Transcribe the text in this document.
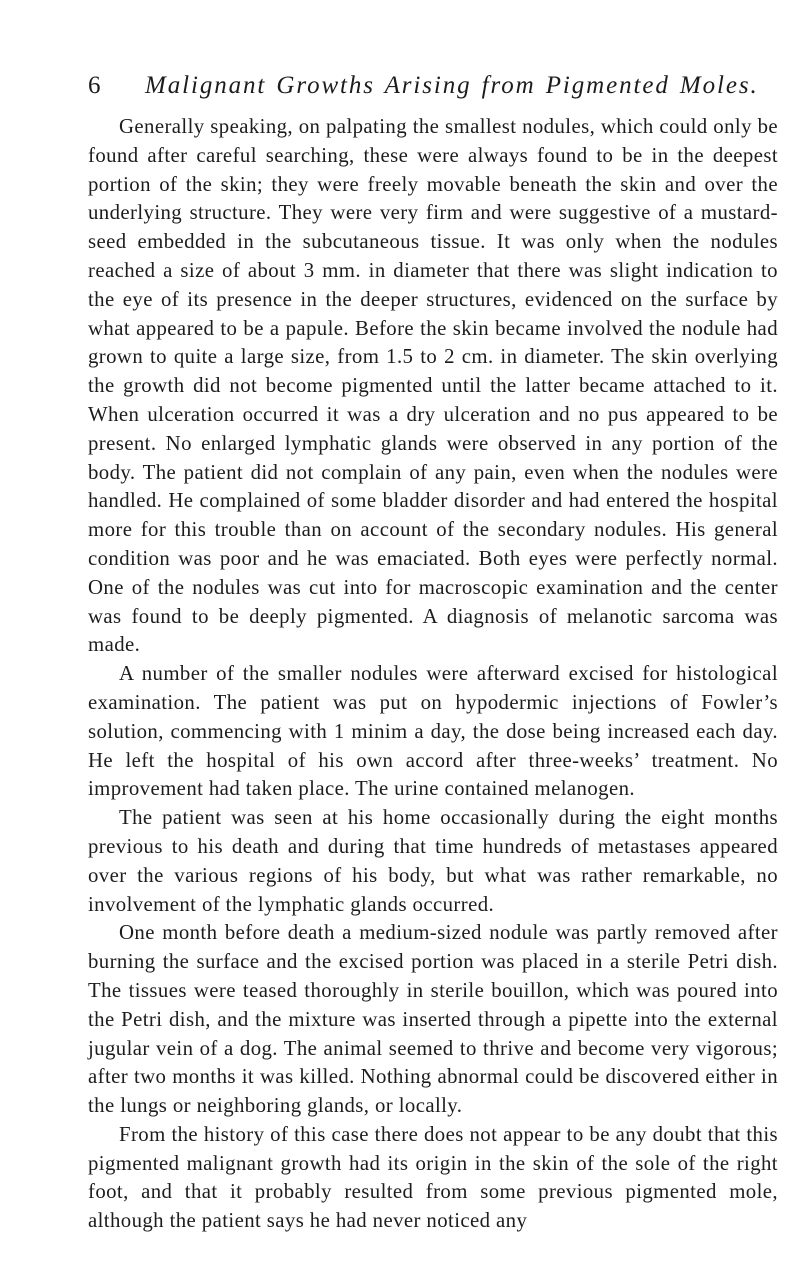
6 Malignant Growths Arising from Pigmented Moles.

Generally speaking, on palpating the smallest nodules, which could only be found after careful searching, these were always found to be in the deepest portion of the skin; they were freely movable beneath the skin and over the underlying structure. They were very firm and were suggestive of a mustard-seed embedded in the subcutaneous tissue. It was only when the nodules reached a size of about 3 mm. in diameter that there was slight indication to the eye of its presence in the deeper structures, evidenced on the surface by what appeared to be a papule. Before the skin became involved the nodule had grown to quite a large size, from 1.5 to 2 cm. in diameter. The skin overlying the growth did not become pigmented until the latter became attached to it. When ulceration occurred it was a dry ulceration and no pus appeared to be present. No enlarged lymphatic glands were observed in any portion of the body. The patient did not complain of any pain, even when the nodules were handled. He complained of some bladder disorder and had entered the hospital more for this trouble than on account of the secondary nodules. His general condition was poor and he was emaciated. Both eyes were perfectly normal. One of the nodules was cut into for macroscopic examination and the center was found to be deeply pigmented. A diagnosis of melanotic sarcoma was made.

A number of the smaller nodules were afterward excised for histological examination. The patient was put on hypodermic injections of Fowler’s solution, commencing with 1 minim a day, the dose being increased each day. He left the hospital of his own accord after three-weeks’ treatment. No improvement had taken place. The urine contained melanogen.

The patient was seen at his home occasionally during the eight months previous to his death and during that time hundreds of metastases appeared over the various regions of his body, but what was rather remarkable, no involvement of the lymphatic glands occurred.

One month before death a medium-sized nodule was partly removed after burning the surface and the excised portion was placed in a sterile Petri dish. The tissues were teased thoroughly in sterile bouillon, which was poured into the Petri dish, and the mixture was inserted through a pipette into the external jugular vein of a dog. The animal seemed to thrive and become very vigorous; after two months it was killed. Nothing abnormal could be discovered either in the lungs or neighboring glands, or locally.

From the history of this case there does not appear to be any doubt that this pigmented malignant growth had its origin in the skin of the sole of the right foot, and that it probably resulted from some previous pigmented mole, although the patient says he had never noticed any
